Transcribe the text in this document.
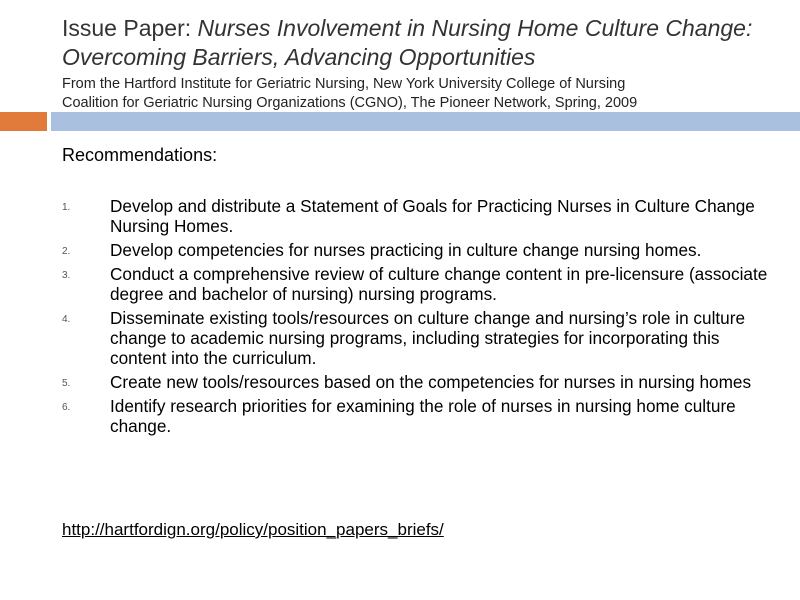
Issue Paper: Nurses Involvement in Nursing Home Culture Change: Overcoming Barriers, Advancing Opportunities
From the Hartford Institute for Geriatric Nursing, New York University College of Nursing
Coalition for Geriatric Nursing Organizations (CGNO), The Pioneer Network, Spring, 2009
Recommendations:
1.	Develop and distribute a Statement of Goals for Practicing Nurses in Culture Change Nursing Homes.
2.	Develop competencies for nurses practicing in culture change nursing homes.
3.	Conduct a comprehensive review of culture change content in pre-licensure (associate degree and bachelor of nursing) nursing programs.
4.	Disseminate existing tools/resources on culture change and nursing’s role in culture change to academic nursing programs, including strategies for incorporating this content into the curriculum.
5.	Create new tools/resources based on the competencies for nurses in nursing homes
6.	Identify research priorities for examining the role of nurses in nursing home culture change.
http://hartfordign.org/policy/position_papers_briefs/
